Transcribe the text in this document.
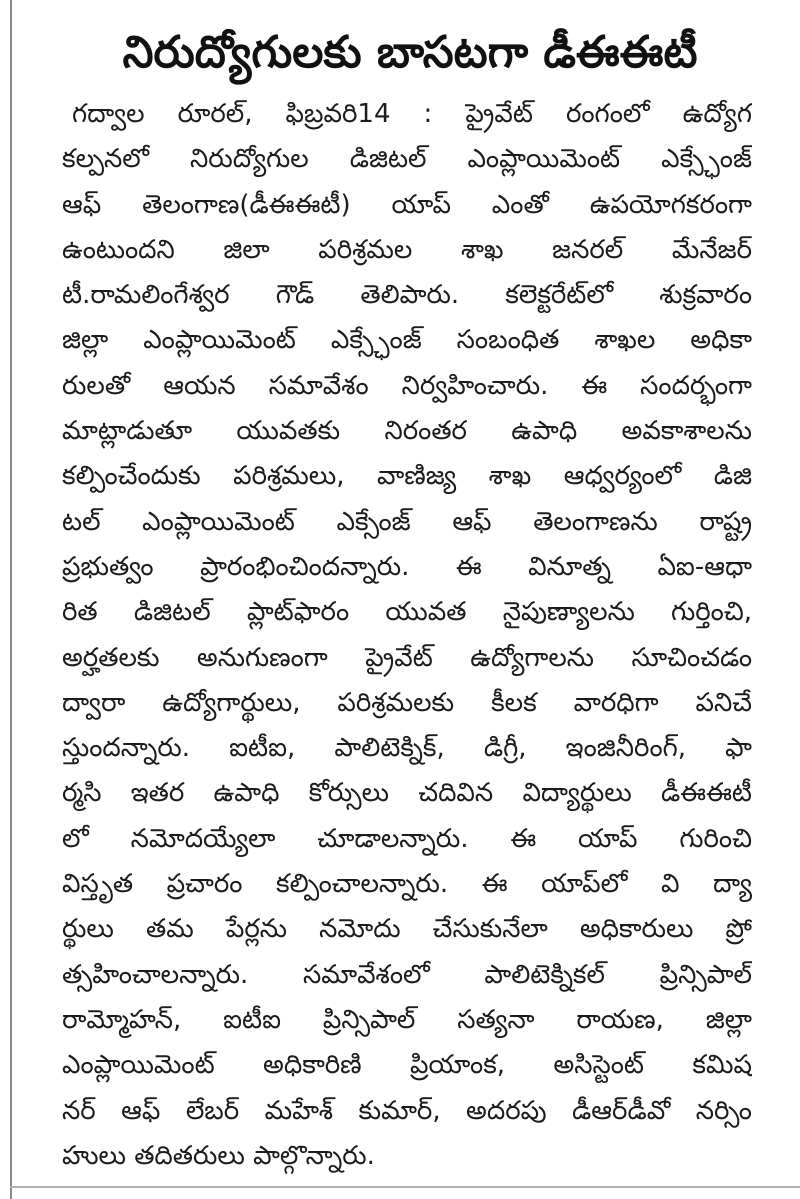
నిరుద్యోగులకు బాసటగా డీఈఈటీ
గద్వాల రూరల్, ఫిబ్రవరి14 : ప్రైవేట్ రంగంలో ఉద్యోగ
కల్పనలో నిరుద్యోగుల డిజిటల్ ఎంప్లాయిమెంట్ ఎక్స్ఛేంజ్
ఆఫ్ తెలంగాణ(డీఈఈటీ) యాప్ ఎంతో ఉపయోగకరంగా
ఉంటుందని జిలా పరిశ్రమల శాఖ జనరల్ మేనేజర్
టీ.రామలింగేశ్వర గౌడ్ తెలిపారు. కలెక్టరేట్‌లో శుక్రవారం
జిల్లా ఎంప్లాయిమెంట్ ఎక్స్ఛేంజ్ సంబంధిత శాఖల అధికా
రులతో ఆయన సమావేశం నిర్వహించారు. ఈ సందర్భంగా
మాట్లాడుతూ యువతకు నిరంతర ఉపాధి అవకాశాలను
కల్పించేందుకు పరిశ్రమలు, వాణిజ్య శాఖ ఆధ్వర్యంలో డిజి
టల్ ఎంప్లాయిమెంట్ ఎక్సేంజ్ ఆఫ్ తెలంగాణను రాష్ట్ర
ప్రభుత్వం ప్రారంభించిందన్నారు. ఈ వినూత్న ఏఐ-ఆధా
రిత డిజిటల్ ప్లాట్‌ఫారం యువత నైపుణ్యాలను గుర్తించి,
అర్హతలకు అనుగుణంగా ప్రైవేట్ ఉద్యోగాలను సూచించడం
ద్వారా ఉద్యోగార్థులు, పరిశ్రమలకు కీలక వారధిగా పనిచే
స్తుందన్నారు. ఐటీఐ, పాలిటెక్నిక్, డిగ్రీ, ఇంజినీరింగ్, ఫా
ర్మసి ఇతర ఉపాధి కోర్సులు చదివిన విద్యార్థులు డీఈఈటీ
లో నమోదయ్యేలా చూడాలన్నారు. ఈ యాప్ గురించి
విస్తృత ప్రచారం కల్పించాలన్నారు. ఈ యాప్‌లో వి ద్యా
ర్థులు తమ పేర్లను నమోదు చేసుకునేలా అధికారులు ప్రో
త్సహించాలన్నారు. సమావేశంలో పాలిటెక్నికల్ ప్రిన్సిపాల్
రామ్మోహన్, ఐటీఐ ప్రిన్సిపాల్ సత్యనా రాయణ, జిల్లా
ఎంప్లాయిమెంట్ అధికారిణి ప్రియాంక, అసిస్టెంట్ కమిష
నర్ ఆఫ్ లేబర్ మహేశ్ కుమార్, అదరపు డీఆర్‌డీవో నర్సిం
హులు తదితరులు పాల్గొన్నారు.
